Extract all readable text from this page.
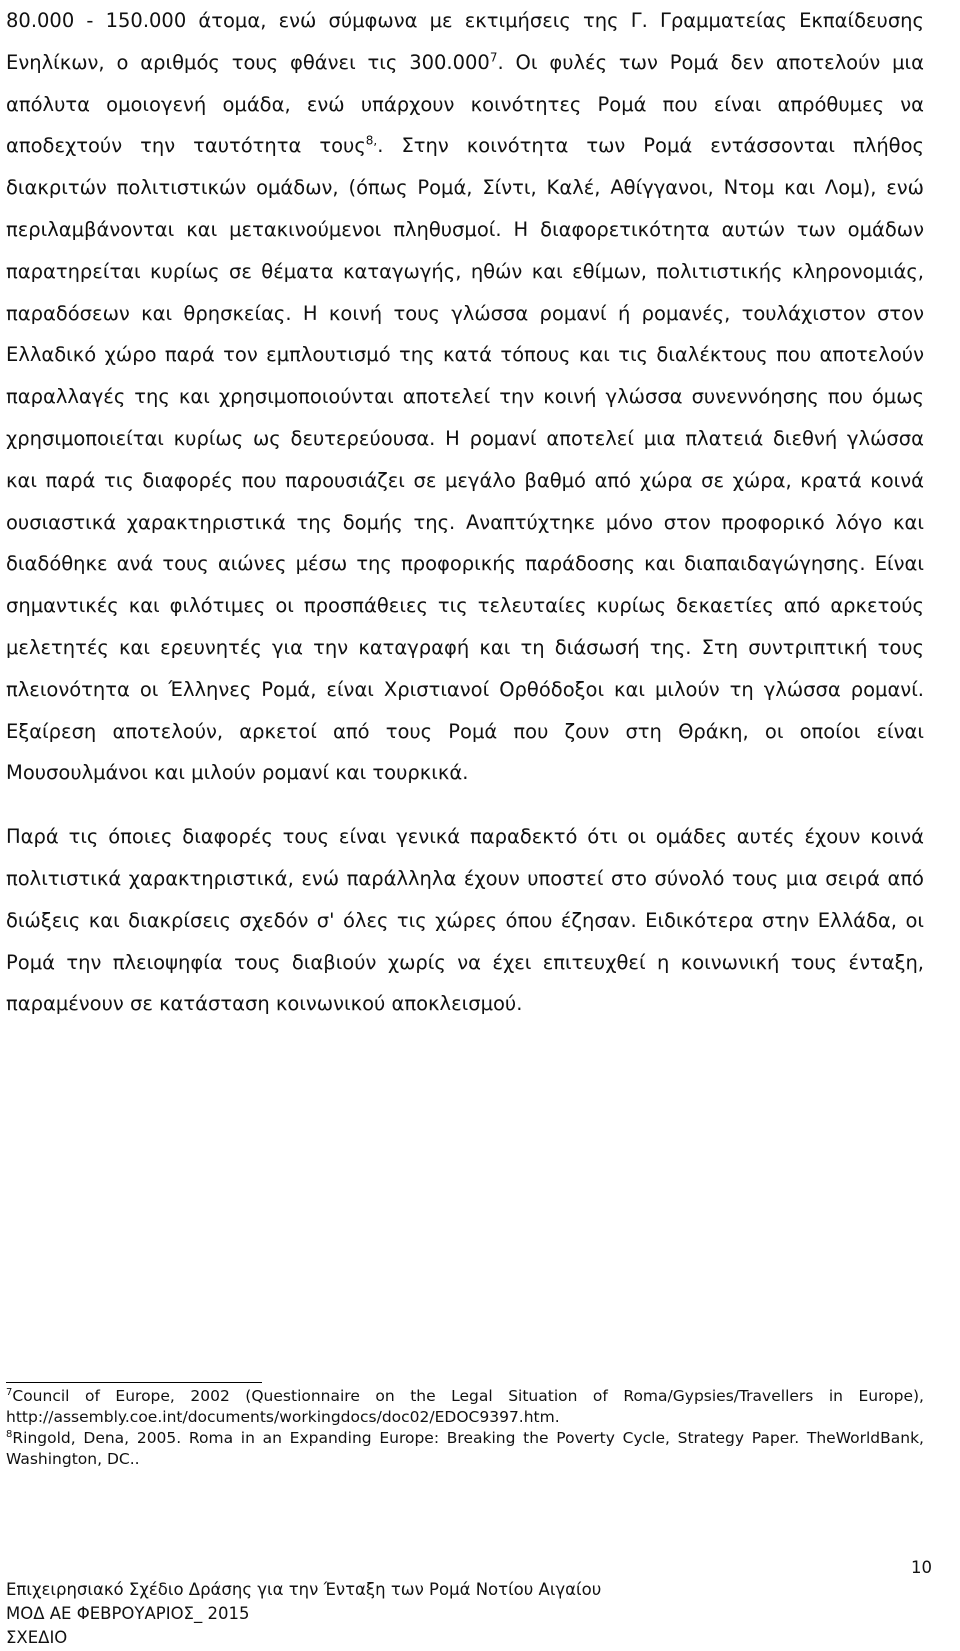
80.000 - 150.000 άτομα, ενώ σύμφωνα με εκτιμήσεις της Γ. Γραμματείας Εκπαίδευσης Ενηλίκων, ο αριθμός τους φθάνει τις 300.000$^7$. Οι φυλές των Ρομά δεν αποτελούν μια απόλυτα ομοιογενή ομάδα, ενώ υπάρχουν κοινότητες Ρομά που είναι απρόθυμες να αποδεχτούν την ταυτότητα τους$^{8,}$. Στην κοινότητα των Ρομά εντάσσονται πλήθος διακριτών πολιτιστικών ομάδων, (όπως Ρομά, Σίντι, Καλέ, Αθίγγανοι, Ντομ και Λομ), ενώ περιλαμβάνονται και μετακινούμενοι πληθυσμοί. Η διαφορετικότητα αυτών των ομάδων παρατηρείται κυρίως σε θέματα καταγωγής, ηθών και εθίμων, πολιτιστικής κληρονομιάς, παραδόσεων και θρησκείας. Η κοινή τους γλώσσα ρομανί ή ρομανές, τουλάχιστον στον Ελλαδικό χώρο παρά τον εμπλουτισμό της κατά τόπους και τις διαλέκτους που αποτελούν παραλλαγές της και χρησιμοποιούνται αποτελεί την κοινή γλώσσα συνεννόησης που όμως χρησιμοποιείται κυρίως ως δευτερεύουσα. Η ρομανί αποτελεί μια πλατειά διεθνή γλώσσα και παρά τις διαφορές που παρουσιάζει σε μεγάλο βαθμό από χώρα σε χώρα, κρατά κοινά ουσιαστικά χαρακτηριστικά της δομής της. Αναπτύχτηκε μόνο στον προφορικό λόγο και διαδόθηκε ανά τους αιώνες μέσω της προφορικής παράδοσης και διαπαιδαγώγησης. Είναι σημαντικές και φιλότιμες οι προσπάθειες τις τελευταίες κυρίως δεκαετίες από αρκετούς μελετητές και ερευνητές για την καταγραφή και τη διάσωσή της. Στη συντριπτική τους πλειονότητα οι Έλληνες Ρομά, είναι Χριστιανοί Ορθόδοξοι και μιλούν τη γλώσσα ρομανί. Εξαίρεση αποτελούν, αρκετοί από τους Ρομά που ζουν στη Θράκη, οι οποίοι είναι Μουσουλμάνοι και μιλούν ρομανί και τουρκικά.

Παρά τις όποιες διαφορές τους είναι γενικά παραδεκτό ότι οι ομάδες αυτές έχουν κοινά πολιτιστικά χαρακτηριστικά, ενώ παράλληλα έχουν υποστεί στο σύνολό τους μια σειρά από διώξεις και διακρίσεις σχεδόν σ' όλες τις χώρες όπου έζησαν. Ειδικότερα στην Ελλάδα, οι Ρομά την πλειοψηφία τους διαβιούν χωρίς να έχει επιτευχθεί η κοινωνική τους ένταξη, παραμένουν σε κατάσταση κοινωνικού αποκλεισμού.

$^7$Council of Europe, 2002 (Questionnaire on the Legal Situation of Roma/Gypsies/Travellers in Europe), http://assembly.coe.int/documents/workingdocs/doc02/EDOC9397.htm.
$^8$Ringold, Dena, 2005. Roma in an Expanding Europe: Breaking the Poverty Cycle, Strategy Paper. TheWorldBank, Washington, DC..
10
Επιχειρησιακό Σχέδιο Δράσης για την Ένταξη των Ρομά Νοτίου Αιγαίου
ΜΟΔ ΑΕ ΦΕΒΡΟΥΑΡΙΟΣ_ 2015
ΣΧΕΔΙΟ
